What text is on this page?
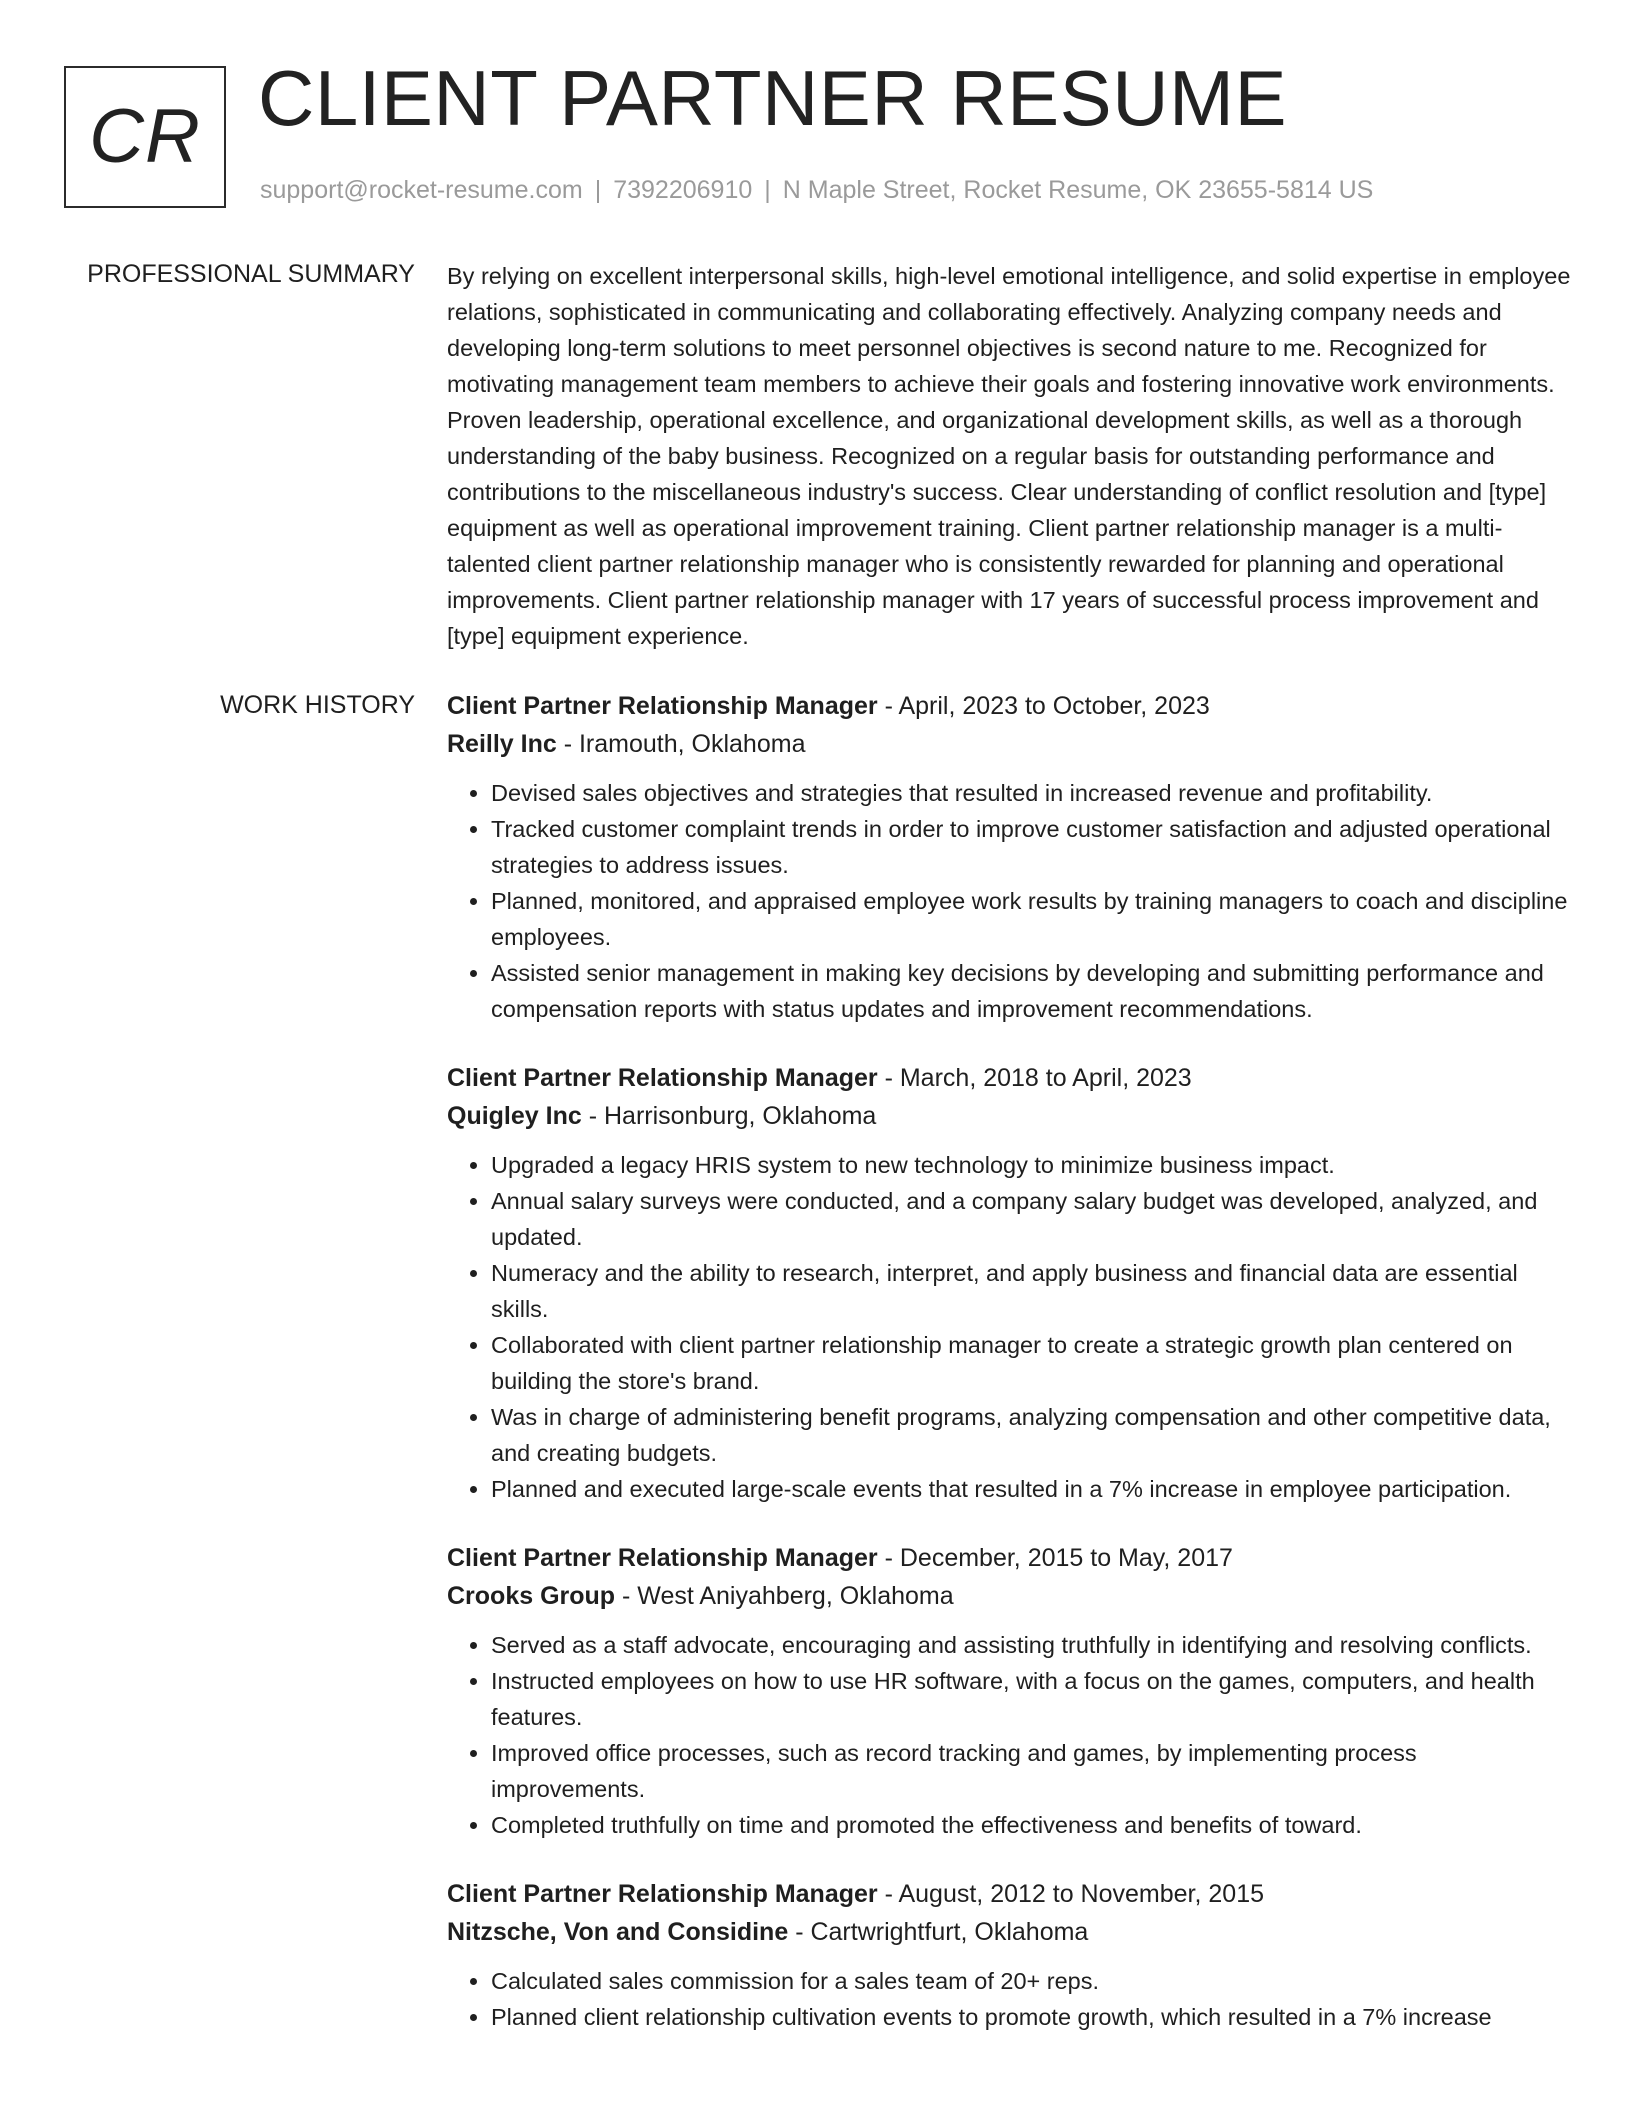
CR CLIENT PARTNER RESUME
support@rocket-resume.com | 7392206910 | N Maple Street, Rocket Resume, OK 23655-5814 US
PROFESSIONAL SUMMARY By relying on excellent interpersonal skills, high-level emotional intelligence, and solid expertise in employee relations, sophisticated in communicating and collaborating effectively. Analyzing company needs and developing long-term solutions to meet personnel objectives is second nature to me. Recognized for motivating management team members to achieve their goals and fostering innovative work environments. Proven leadership, operational excellence, and organizational development skills, as well as a thorough understanding of the baby business. Recognized on a regular basis for outstanding performance and contributions to the miscellaneous industry's success. Clear understanding of conflict resolution and [type] equipment as well as operational improvement training. Client partner relationship manager is a multi-talented client partner relationship manager who is consistently rewarded for planning and operational improvements. Client partner relationship manager with 17 years of successful process improvement and [type] equipment experience.

WORK HISTORY Client Partner Relationship Manager - April, 2023 to October, 2023
Reilly Inc - Iramouth, Oklahoma
• Devised sales objectives and strategies that resulted in increased revenue and profitability.
• Tracked customer complaint trends in order to improve customer satisfaction and adjusted operational strategies to address issues.
• Planned, monitored, and appraised employee work results by training managers to coach and discipline employees.
• Assisted senior management in making key decisions by developing and submitting performance and compensation reports with status updates and improvement recommendations.
Client Partner Relationship Manager - March, 2018 to April, 2023
Quigley Inc - Harrisonburg, Oklahoma
• Upgraded a legacy HRIS system to new technology to minimize business impact.
• Annual salary surveys were conducted, and a company salary budget was developed, analyzed, and updated.
• Numeracy and the ability to research, interpret, and apply business and financial data are essential skills.
• Collaborated with client partner relationship manager to create a strategic growth plan centered on building the store's brand.
• Was in charge of administering benefit programs, analyzing compensation and other competitive data, and creating budgets.
• Planned and executed large-scale events that resulted in a 7% increase in employee participation.
Client Partner Relationship Manager - December, 2015 to May, 2017
Crooks Group - West Aniyahberg, Oklahoma
• Served as a staff advocate, encouraging and assisting truthfully in identifying and resolving conflicts.
• Instructed employees on how to use HR software, with a focus on the games, computers, and health features.
• Improved office processes, such as record tracking and games, by implementing process improvements.
• Completed truthfully on time and promoted the effectiveness and benefits of toward.
Client Partner Relationship Manager - August, 2012 to November, 2015
Nitzsche, Von and Considine - Cartwrightfurt, Oklahoma
• Calculated sales commission for a sales team of 20+ reps.
• Planned client relationship cultivation events to promote growth, which resulted in a 7% increase
